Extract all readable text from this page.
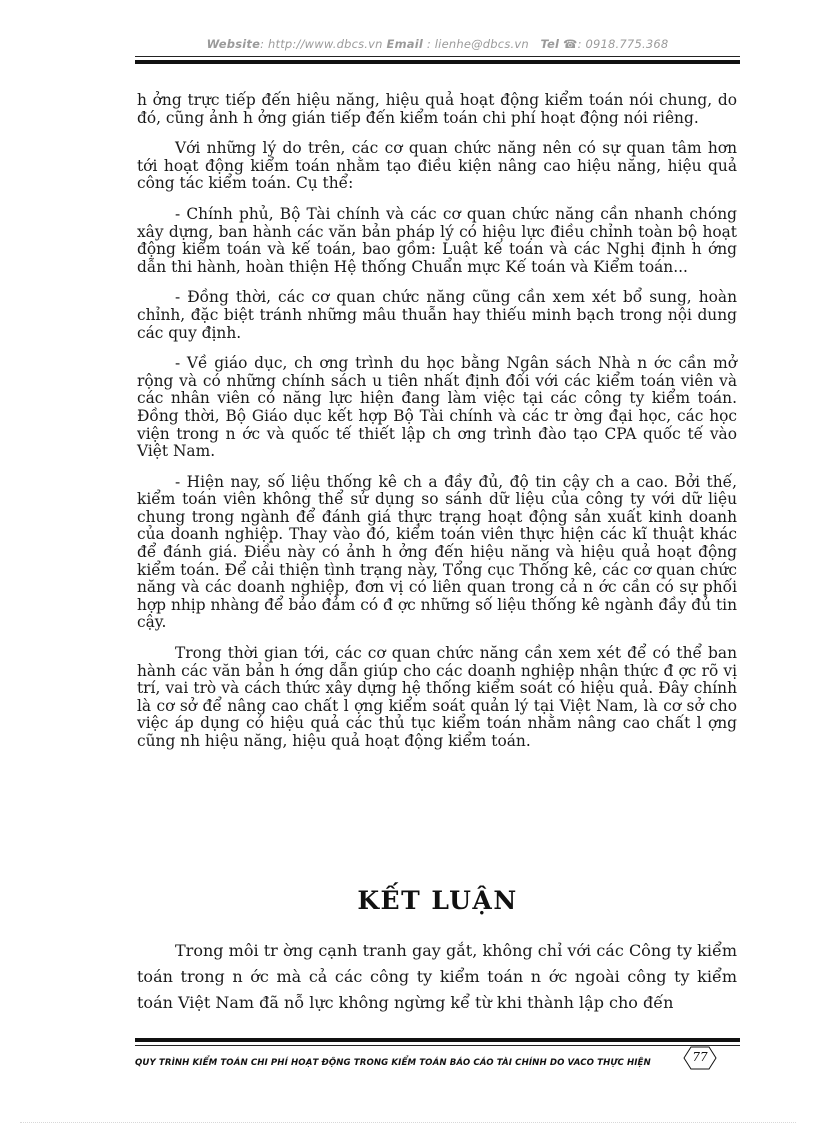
Website: http://www.dbcs.vn Email : lienhe@dbcs.vn Tel ☎: 0918.775.368

h ởng trực tiếp đến hiệu năng, hiệu quả hoạt động kiểm toán nói chung, do đó, cũng ảnh h ởng gián tiếp đến kiểm toán chi phí hoạt động nói riêng.

Với những lý do trên, các cơ quan chức năng nên có sự quan tâm hơn tới hoạt động kiểm toán nhằm tạo điều kiện nâng cao hiệu năng, hiệu quả công tác kiểm toán. Cụ thể:

- Chính phủ, Bộ Tài chính và các cơ quan chức năng cần nhanh chóng xây dựng, ban hành các văn bản pháp lý có hiệu lực điều chỉnh toàn bộ hoạt động kiểm toán và kế toán, bao gồm: Luật kế toán và các Nghị định h ớng dẫn thi hành, hoàn thiện Hệ thống Chuẩn mực Kế toán và Kiểm toán...

- Đồng thời, các cơ quan chức năng cũng cần xem xét bổ sung, hoàn chỉnh, đặc biệt tránh những mâu thuẫn hay thiếu minh bạch trong nội dung các quy định.

- Về giáo dục, ch ơng trình du học bằng Ngân sách Nhà n ớc cần mở rộng và có những chính sách u tiên nhất định đối với các kiểm toán viên và các nhân viên có năng lực hiện đang làm việc tại các công ty kiểm toán. Đồng thời, Bộ Giáo dục kết hợp Bộ Tài chính và các tr ờng đại học, các học viện trong n ớc và quốc tế thiết lập ch ơng trình đào tạo CPA quốc tế vào Việt Nam.

- Hiện nay, số liệu thống kê ch a đầy đủ, độ tin cậy ch a cao. Bởi thế, kiểm toán viên không thể sử dụng so sánh dữ liệu của công ty với dữ liệu chung trong ngành để đánh giá thực trạng hoạt động sản xuất kinh doanh của doanh nghiệp. Thay vào đó, kiểm toán viên thực hiện các kĩ thuật khác để đánh giá. Điều này có ảnh h ởng đến hiệu năng và hiệu quả hoạt động kiểm toán. Để cải thiện tình trạng này, Tổng cục Thống kê, các cơ quan chức năng và các doanh nghiệp, đơn vị có liên quan trong cả n ớc cần có sự phối hợp nhịp nhàng để bảo đảm có đ ợc những số liệu thống kê ngành đầy đủ tin cậy.

Trong thời gian tới, các cơ quan chức năng cần xem xét để có thể ban hành các văn bản h ớng dẫn giúp cho các doanh nghiệp nhận thức đ ợc rõ vị trí, vai trò và cách thức xây dựng hệ thống kiểm soát có hiệu quả. Đây chính là cơ sở để nâng cao chất l ợng kiểm soát quản lý tại Việt Nam, là cơ sở cho việc áp dụng có hiệu quả các thủ tục kiểm toán nhằm nâng cao chất l ợng cũng nh hiệu năng, hiệu quả hoạt động kiểm toán.

KẾT LUẬN

Trong môi tr ờng cạnh tranh gay gắt, không chỉ với các Công ty kiểm toán trong n ớc mà cả các công ty kiểm toán n ớc ngoài công ty kiểm toán Việt Nam đã nỗ lực không ngừng kể từ khi thành lập cho đến

QUY TRÌNH KIỂM TOÁN CHI PHÍ HOẠT ĐỘNG TRONG KIỂM TOÁN BÁO CÁO TÀI CHÍNH DO VACO THỰC HIỆN	77
